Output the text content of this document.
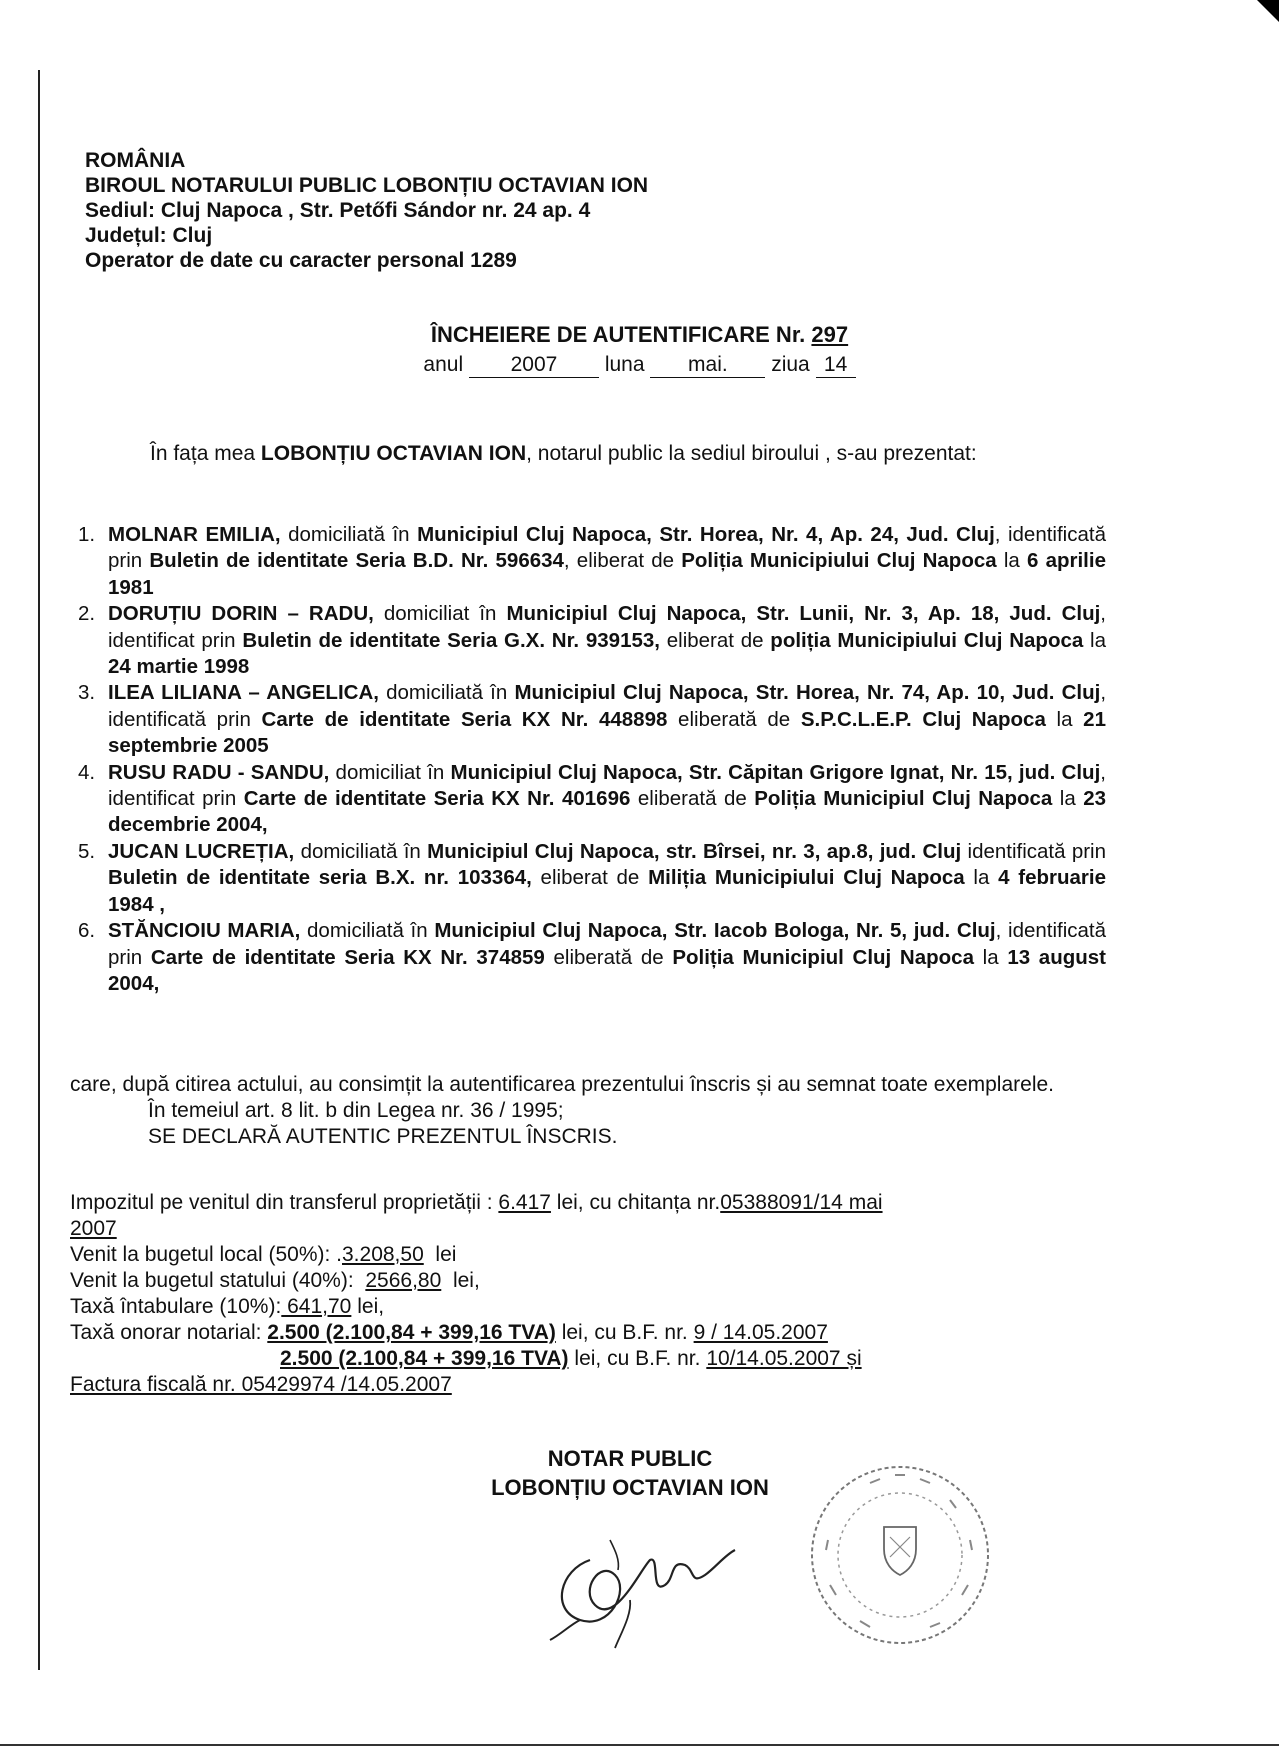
ROMÂNIA
BIROUL NOTARULUI PUBLIC LOBONȚIU OCTAVIAN ION
Sediul: Cluj Napoca , Str. Petőfi Sándor nr. 24 ap. 4
Județul: Cluj
Operator de date cu caracter personal 1289
ÎNCHEIERE DE AUTENTIFICARE Nr. 297
anul 2007 luna mai. ziua 14
În fața mea LOBONȚIU OCTAVIAN ION, notarul public la sediul biroului , s-au prezentat:
1. MOLNAR EMILIA, domiciliată în Municipiul Cluj Napoca, Str. Horea, Nr. 4, Ap. 24, Jud. Cluj, identificată prin Buletin de identitate Seria B.D. Nr. 596634, eliberat de Poliția Municipiului Cluj Napoca la 6 aprilie 1981
2. DORUȚIU DORIN – RADU, domiciliat în Municipiul Cluj Napoca, Str. Lunii, Nr. 3, Ap. 18, Jud. Cluj, identificat prin Buletin de identitate Seria G.X. Nr. 939153, eliberat de poliția Municipiului Cluj Napoca la 24 martie 1998
3. ILEA LILIANA – ANGELICA, domiciliată în Municipiul Cluj Napoca, Str. Horea, Nr. 74, Ap. 10, Jud. Cluj, identificată prin Carte de identitate Seria KX Nr. 448898 eliberată de S.P.C.L.E.P. Cluj Napoca la 21 septembrie 2005
4. RUSU RADU - SANDU, domiciliat în Municipiul Cluj Napoca, Str. Căpitan Grigore Ignat, Nr. 15, jud. Cluj, identificat prin Carte de identitate Seria KX Nr. 401696 eliberată de Poliția Municipiul Cluj Napoca la 23 decembrie 2004,
5. JUCAN LUCREȚIA, domiciliată în Municipiul Cluj Napoca, str. Bîrsei, nr. 3, ap.8, jud. Cluj identificată prin Buletin de identitate seria B.X. nr. 103364, eliberat de Miliția Municipiului Cluj Napoca la 4 februarie 1984 ,
6. STĂNCIOIU MARIA, domiciliată în Municipiul Cluj Napoca, Str. Iacob Bologa, Nr. 5, jud. Cluj, identificată prin Carte de identitate Seria KX Nr. 374859 eliberată de Poliția Municipiul Cluj Napoca la 13 august 2004,
care, după citirea actului, au consimțit la autentificarea prezentului înscris și au semnat toate exemplarele.
În temeiul art. 8 lit. b din Legea nr. 36 / 1995;
SE DECLARĂ AUTENTIC PREZENTUL ÎNSCRIS.
Impozitul pe venitul din transferul proprietății : 6.417 lei, cu chitanța nr.05388091/14 mai
2007
Venit la bugetul local (50%): .3.208,50 lei
Venit la bugetul statului (40%): 2566,80 lei,
Taxă întabulare (10%): 641,70 lei,
Taxă onorar notarial: 2.500 (2.100,84 + 399,16 TVA) lei, cu B.F. nr. 9 / 14.05.2007
2.500 (2.100,84 + 399,16 TVA) lei, cu B.F. nr. 10/14.05.2007 și
Factura fiscală nr. 05429974 /14.05.2007
NOTAR PUBLIC
LOBONȚIU OCTAVIAN ION
